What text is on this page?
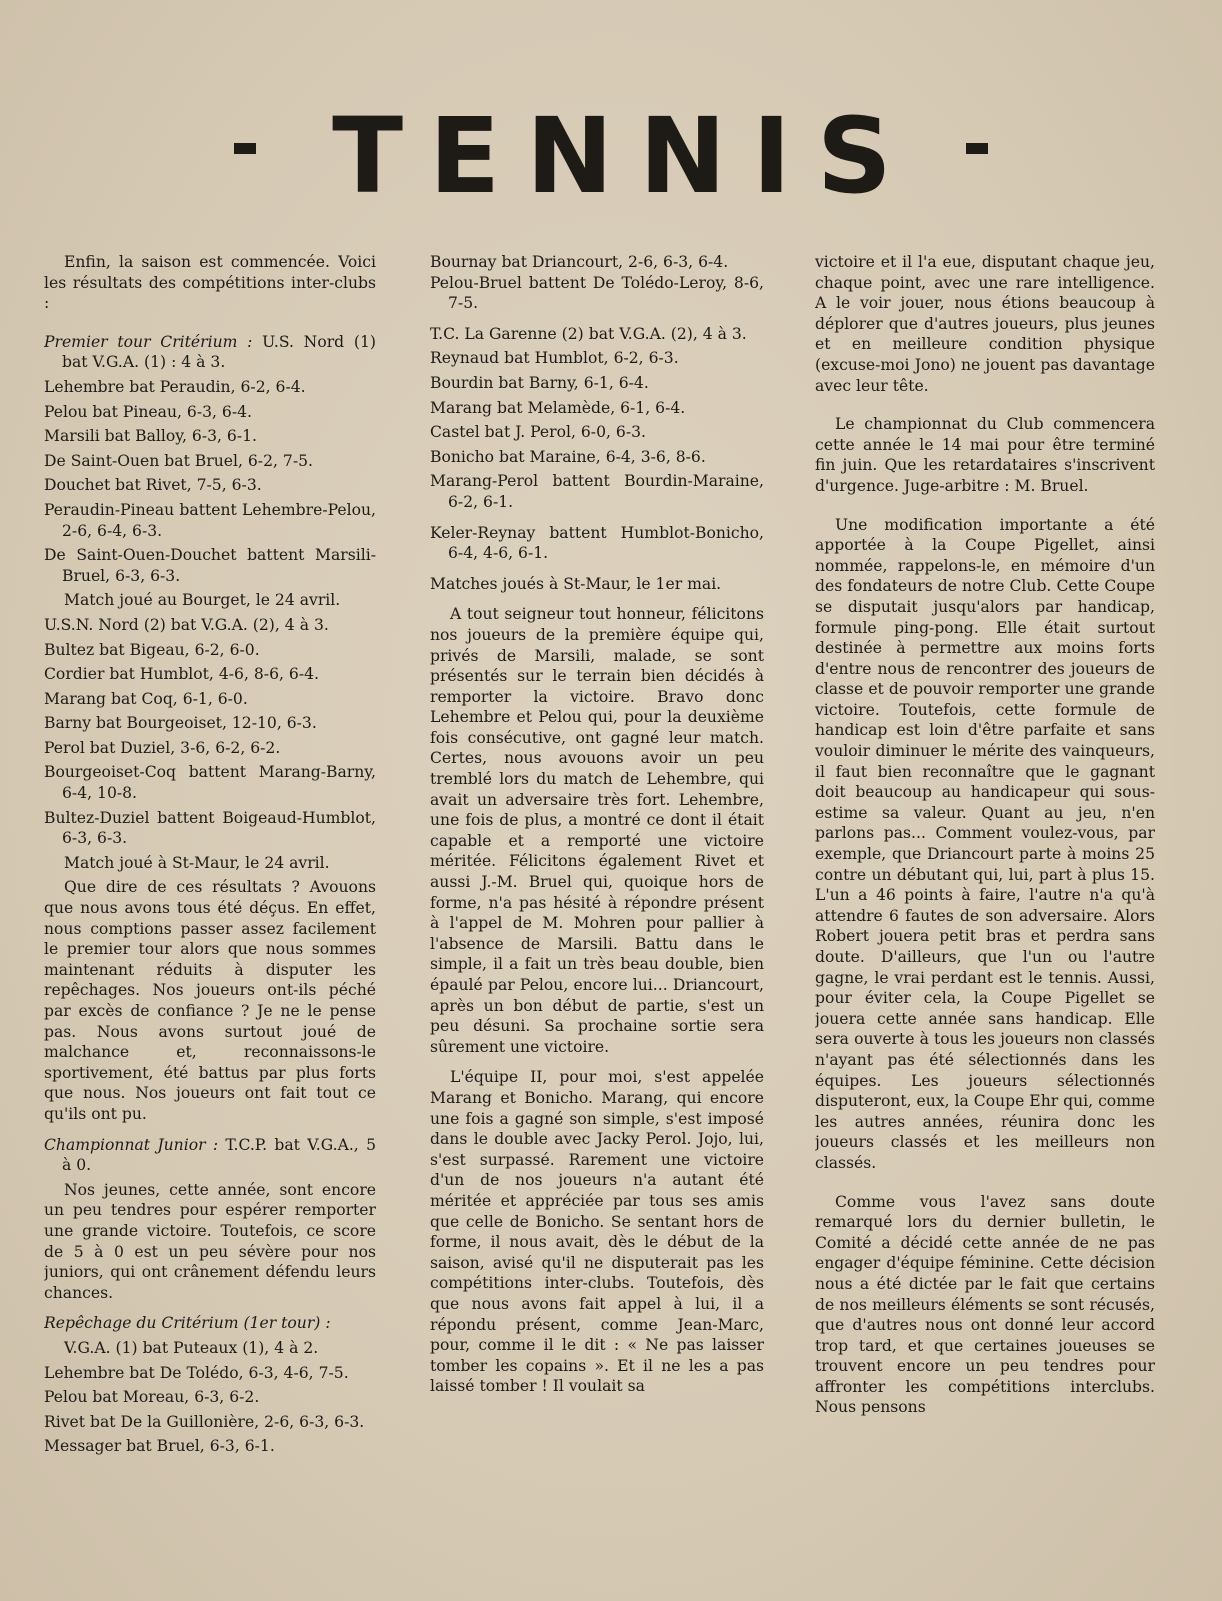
TENNIS

Enfin, la saison est commencée. Voici les résultats des compétitions inter-clubs :

Premier tour Critérium : U.S. Nord (1) bat V.G.A. (1) : 4 à 3.

Lehembre bat Peraudin, 6-2, 6-4.

Pelou bat Pineau, 6-3, 6-4.

Marsili bat Balloy, 6-3, 6-1.

De Saint-Ouen bat Bruel, 6-2, 7-5.

Douchet bat Rivet, 7-5, 6-3.

Peraudin-Pineau battent Lehembre-Pelou, 2-6, 6-4, 6-3.

De Saint-Ouen-Douchet battent Marsili-Bruel, 6-3, 6-3.

Match joué au Bourget, le 24 avril.

U.S.N. Nord (2) bat V.G.A. (2), 4 à 3.

Bultez bat Bigeau, 6-2, 6-0.

Cordier bat Humblot, 4-6, 8-6, 6-4.

Marang bat Coq, 6-1, 6-0.

Barny bat Bourgeoiset, 12-10, 6-3.

Perol bat Duziel, 3-6, 6-2, 6-2.

Bourgeoiset-Coq battent Marang-Barny, 6-4, 10-8.

Bultez-Duziel battent Boigeaud-Humblot, 6-3, 6-3.

Match joué à St-Maur, le 24 avril.

Que dire de ces résultats ? Avouons que nous avons tous été déçus. En effet, nous comptions passer assez facilement le premier tour alors que nous sommes maintenant réduits à disputer les repêchages. Nos joueurs ont-ils péché par excès de confiance ? Je ne le pense pas. Nous avons surtout joué de malchance et, reconnaissons-le sportivement, été battus par plus forts que nous. Nos joueurs ont fait tout ce qu'ils ont pu.

Championnat Junior : T.C.P. bat V.G.A., 5 à 0.

Nos jeunes, cette année, sont encore un peu tendres pour espérer remporter une grande victoire. Toutefois, ce score de 5 à 0 est un peu sévère pour nos juniors, qui ont crânement défendu leurs chances.

Repêchage du Critérium (1er tour) :

V.G.A. (1) bat Puteaux (1), 4 à 2.

Lehembre bat De Tolédo, 6-3, 4-6, 7-5.

Pelou bat Moreau, 6-3, 6-2.

Rivet bat De la Guillonière, 2-6, 6-3, 6-3.

Messager bat Bruel, 6-3, 6-1.

Bournay bat Driancourt, 2-6, 6-3, 6-4.

Pelou-Bruel battent De Tolédo-Leroy, 8-6, 7-5.

T.C. La Garenne (2) bat V.G.A. (2), 4 à 3.

Reynaud bat Humblot, 6-2, 6-3.

Bourdin bat Barny, 6-1, 6-4.

Marang bat Melamède, 6-1, 6-4.

Castel bat J. Perol, 6-0, 6-3.

Bonicho bat Maraine, 6-4, 3-6, 8-6.

Marang-Perol battent Bourdin-Maraine, 6-2, 6-1.

Keler-Reynay battent Humblot-Bonicho, 6-4, 4-6, 6-1.

Matches joués à St-Maur, le 1er mai.

A tout seigneur tout honneur, félicitons nos joueurs de la première équipe qui, privés de Marsili, malade, se sont présentés sur le terrain bien décidés à remporter la victoire. Bravo donc Lehembre et Pelou qui, pour la deuxième fois consécutive, ont gagné leur match. Certes, nous avouons avoir un peu tremblé lors du match de Lehembre, qui avait un adversaire très fort. Lehembre, une fois de plus, a montré ce dont il était capable et a remporté une victoire méritée. Félicitons également Rivet et aussi J.-M. Bruel qui, quoique hors de forme, n'a pas hésité à répondre présent à l'appel de M. Mohren pour pallier à l'absence de Marsili. Battu dans le simple, il a fait un très beau double, bien épaulé par Pelou, encore lui... Driancourt, après un bon début de partie, s'est un peu désuni. Sa prochaine sortie sera sûrement une victoire.

L'équipe II, pour moi, s'est appelée Marang et Bonicho. Marang, qui encore une fois a gagné son simple, s'est imposé dans le double avec Jacky Perol. Jojo, lui, s'est surpassé. Rarement une victoire d'un de nos joueurs n'a autant été méritée et appréciée par tous ses amis que celle de Bonicho. Se sentant hors de forme, il nous avait, dès le début de la saison, avisé qu'il ne disputerait pas les compétitions inter-clubs. Toutefois, dès que nous avons fait appel à lui, il a répondu présent, comme Jean-Marc, pour, comme il le dit : « Ne pas laisser tomber les copains ». Et il ne les a pas laissé tomber ! Il voulait sa

victoire et il l'a eue, disputant chaque jeu, chaque point, avec une rare intelligence. A le voir jouer, nous étions beaucoup à déplorer que d'autres joueurs, plus jeunes et en meilleure condition physique (excuse-moi Jono) ne jouent pas davantage avec leur tête.

Le championnat du Club commencera cette année le 14 mai pour être terminé fin juin. Que les retardataires s'inscrivent d'urgence. Juge-arbitre : M. Bruel.

Une modification importante a été apportée à la Coupe Pigellet, ainsi nommée, rappelons-le, en mémoire d'un des fondateurs de notre Club. Cette Coupe se disputait jusqu'alors par handicap, formule ping-pong. Elle était surtout destinée à permettre aux moins forts d'entre nous de rencontrer des joueurs de classe et de pouvoir remporter une grande victoire. Toutefois, cette formule de handicap est loin d'être parfaite et sans vouloir diminuer le mérite des vainqueurs, il faut bien reconnaître que le gagnant doit beaucoup au handicapeur qui sous-estime sa valeur. Quant au jeu, n'en parlons pas... Comment voulez-vous, par exemple, que Driancourt parte à moins 25 contre un débutant qui, lui, part à plus 15. L'un a 46 points à faire, l'autre n'a qu'à attendre 6 fautes de son adversaire. Alors Robert jouera petit bras et perdra sans doute. D'ailleurs, que l'un ou l'autre gagne, le vrai perdant est le tennis. Aussi, pour éviter cela, la Coupe Pigellet se jouera cette année sans handicap. Elle sera ouverte à tous les joueurs non classés n'ayant pas été sélectionnés dans les équipes. Les joueurs sélectionnés disputeront, eux, la Coupe Ehr qui, comme les autres années, réunira donc les joueurs classés et les meilleurs non classés.

Comme vous l'avez sans doute remarqué lors du dernier bulletin, le Comité a décidé cette année de ne pas engager d'équipe féminine. Cette décision nous a été dictée par le fait que certains de nos meilleurs éléments se sont récusés, que d'autres nous ont donné leur accord trop tard, et que certaines joueuses se trouvent encore un peu tendres pour affronter les compétitions interclubs. Nous pensons
